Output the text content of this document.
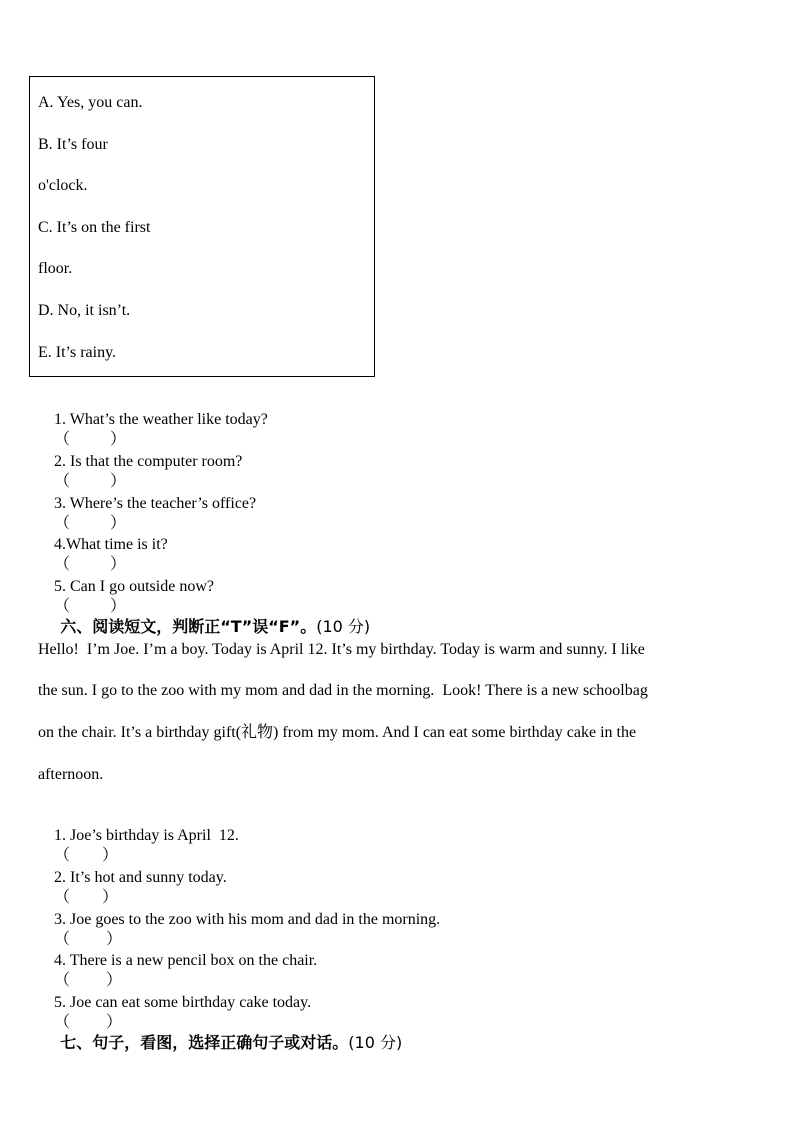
A. Yes, you can.
B. It’s four
o'clock.
C. It’s on the first
floor.
D. No, it isn’t.
E. It’s rainy.

1. What’s the weather like today?
（          ）

2. Is that the computer room?
（          ）

3. Where’s the teacher’s office?
（          ）

4.What time is it?
（          ）

5. Can I go outside now?
（          ）

六、阅读短文，判断正“T”误“F”。(10 分)

Hello!  I’m Joe. I’m a boy. Today is April 12. It’s my birthday. Today is warm and sunny. I like
the sun. I go to the zoo with my mom and dad in the morning.  Look! There is a new schoolbag
on the chair. It’s a birthday gift(礼物) from my mom. And I can eat some birthday cake in the
afternoon.

1. Joe’s birthday is April  12.
（        ）

2. It’s hot and sunny today.
（        ）

3. Joe goes to the zoo with his mom and dad in the morning.
（         ）

4. There is a new pencil box on the chair.
（         ）

5. Joe can eat some birthday cake today.
（         ）

七、句子，看图，选择正确句子或对话。(10 分)
